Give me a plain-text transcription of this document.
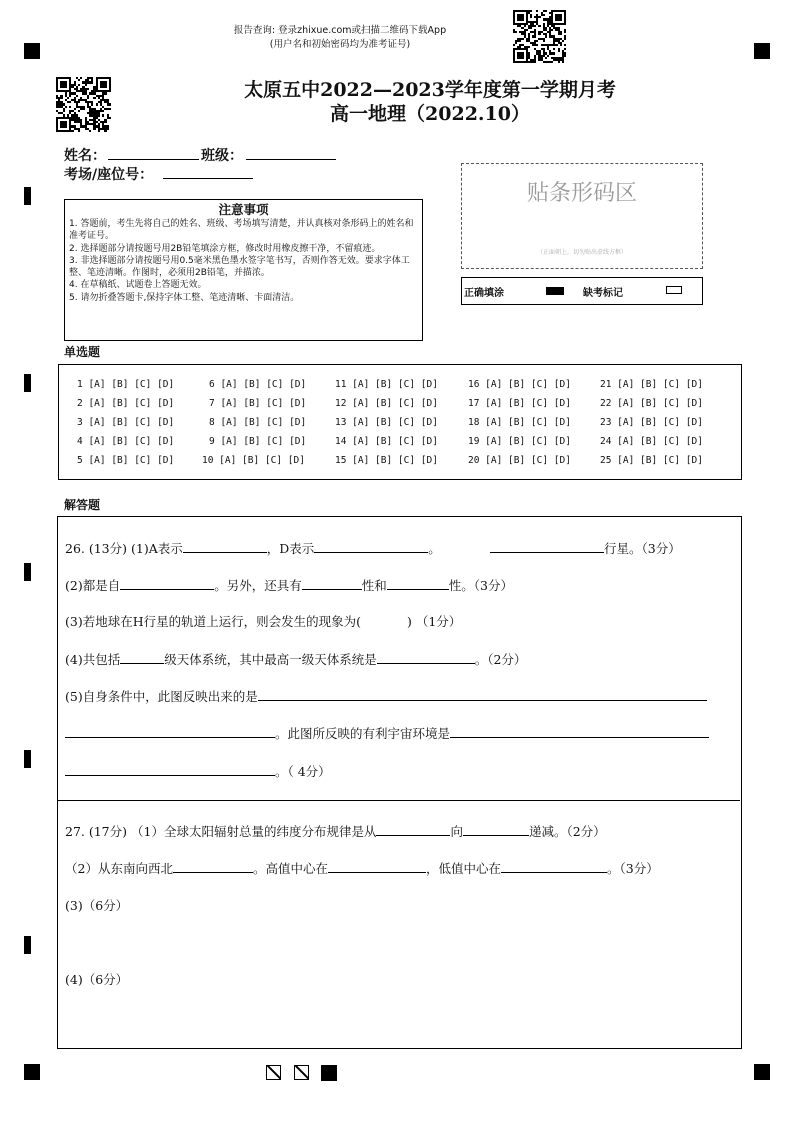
报告查询: 登录zhixue.com或扫描二维码下载App
(用户名和初始密码均为准考证号)
太原五中2022—2023学年度第一学期月考
高一地理（2022.10）
姓名：	班级：
考场/座位号：
贴条形码区
（正面朝上，切勿贴出虚线方框）
正确填涂	缺考标记
注意事项
1. 答题前，考生先将自己的姓名、班级、考场填写清楚，并认真核对条形码上的姓名和准考证号。
2. 选择题部分请按题号用2B铅笔填涂方框，修改时用橡皮擦干净，不留痕迹。
3. 非选择题部分请按题号用0.5毫米黑色墨水签字笔书写，否则作答无效。要求字体工整、笔迹清晰。作图时，必须用2B铅笔，并描浓。
4. 在草稿纸、试题卷上答题无效。
5. 请勿折叠答题卡,保持字体工整、笔迹清晰、卡面清洁。
单选题
1 [A] [B] [C] [D]
2 [A] [B] [C] [D]
3 [A] [B] [C] [D]
4 [A] [B] [C] [D]
5 [A] [B] [C] [D]
6 [A] [B] [C] [D]
7 [A] [B] [C] [D]
8 [A] [B] [C] [D]
9 [A] [B] [C] [D]
10 [A] [B] [C] [D]
11 [A] [B] [C] [D]
12 [A] [B] [C] [D]
13 [A] [B] [C] [D]
14 [A] [B] [C] [D]
15 [A] [B] [C] [D]
16 [A] [B] [C] [D]
17 [A] [B] [C] [D]
18 [A] [B] [C] [D]
19 [A] [B] [C] [D]
20 [A] [B] [C] [D]
21 [A] [B] [C] [D]
22 [A] [B] [C] [D]
23 [A] [B] [C] [D]
24 [A] [B] [C] [D]
25 [A] [B] [C] [D]
解答题
26. (13分) (1)A表示	，D表示	。	行星。（3分）
(2)都是自	。另外，还具有	性和	性。（3分）
(3)若地球在H行星的轨道上运行，则会发生的现象为(	) （1分）
(4)共包括	级天体系统，其中最高一级天体系统是	。（2分）
(5)自身条件中，此图反映出来的是
。此图所反映的有利宇宙环境是
。（ 4分）
27. (17分) （1）全球太阳辐射总量的纬度分布规律是从	向	递减。（2分）
（2）从东南向西北	。高值中心在	，低值中心在	。（3分）
(3)（6分）
(4)（6分）
